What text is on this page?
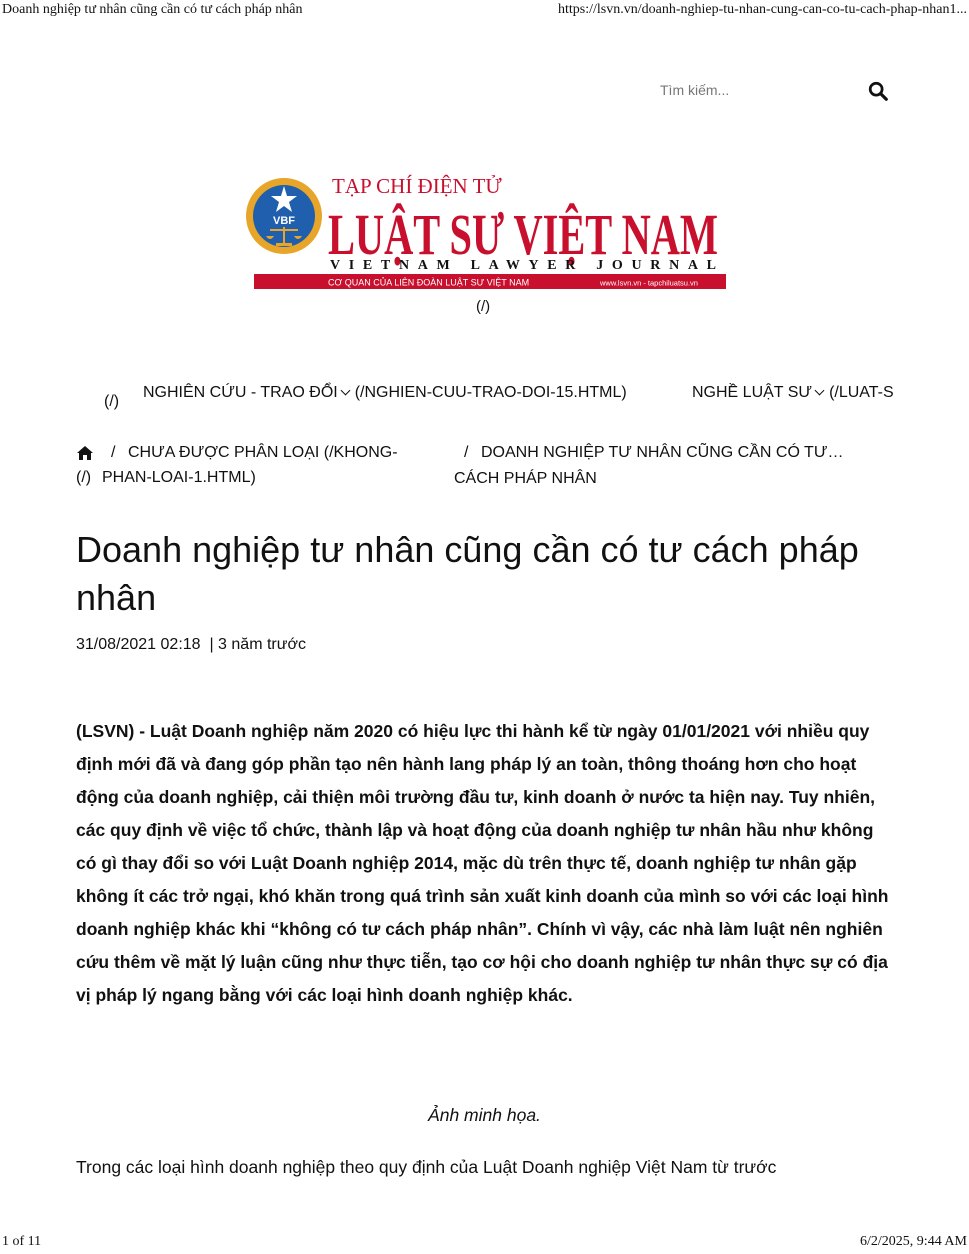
Doanh nghiệp tư nhân cũng cần có tư cách pháp nhân	https://lsvn.vn/doanh-nghiep-tu-nhan-cung-can-co-tu-cach-phap-nhan1...
Tìm kiếm...
VBF
TẠP CHÍ ĐIỆN TỬ
LUẬT SƯ VIỆT NAM
VIETNAM LAWYER JOURNAL
CƠ QUAN CỦA LIÊN ĐOÀN LUẬT SƯ VIỆT NAM	www.lsvn.vn - tapchiluatsu.vn
(/)
(/)
NGHIÊN CỨU - TRAO ĐỔI (/NGHIEN-CUU-TRAO-DOI-15.HTML)	NGHỀ LUẬT SƯ (/LUAT-S
(/)
/ CHƯA ĐƯỢC PHÂN LOẠI (/KHONG-
PHAN-LOAI-1.HTML)
/ DOANH NGHIỆP TƯ NHÂN CŨNG CẦN CÓ TƯ…
CÁCH PHÁP NHÂN
Doanh nghiệp tư nhân cũng cần có tư cách pháp nhân
31/08/2021 02:18 | 3 năm trước

(LSVN) - Luật Doanh nghiệp năm 2020 có hiệu lực thi hành kể từ ngày 01/01/2021 với nhiều quy định mới đã và đang góp phần tạo nên hành lang pháp lý an toàn, thông thoáng hơn cho hoạt động của doanh nghiệp, cải thiện môi trường đầu tư, kinh doanh ở nước ta hiện nay. Tuy nhiên, các quy định về việc tổ chức, thành lập và hoạt động của doanh nghiệp tư nhân hầu như không có gì thay đổi so với Luật Doanh nghiệp 2014, mặc dù trên thực tế, doanh nghiệp tư nhân gặp không ít các trở ngại, khó khăn trong quá trình sản xuất kinh doanh của mình so với các loại hình doanh nghiệp khác khi “không có tư cách pháp nhân”. Chính vì vậy, các nhà làm luật nên nghiên cứu thêm về mặt lý luận cũng như thực tiễn, tạo cơ hội cho doanh nghiệp tư nhân thực sự có địa vị pháp lý ngang bằng với các loại hình doanh nghiệp khác.

Ảnh minh họa.

Trong các loại hình doanh nghiệp theo quy định của Luật Doanh nghiệp Việt Nam từ trước

1 of 11	6/2/2025, 9:44 AM
